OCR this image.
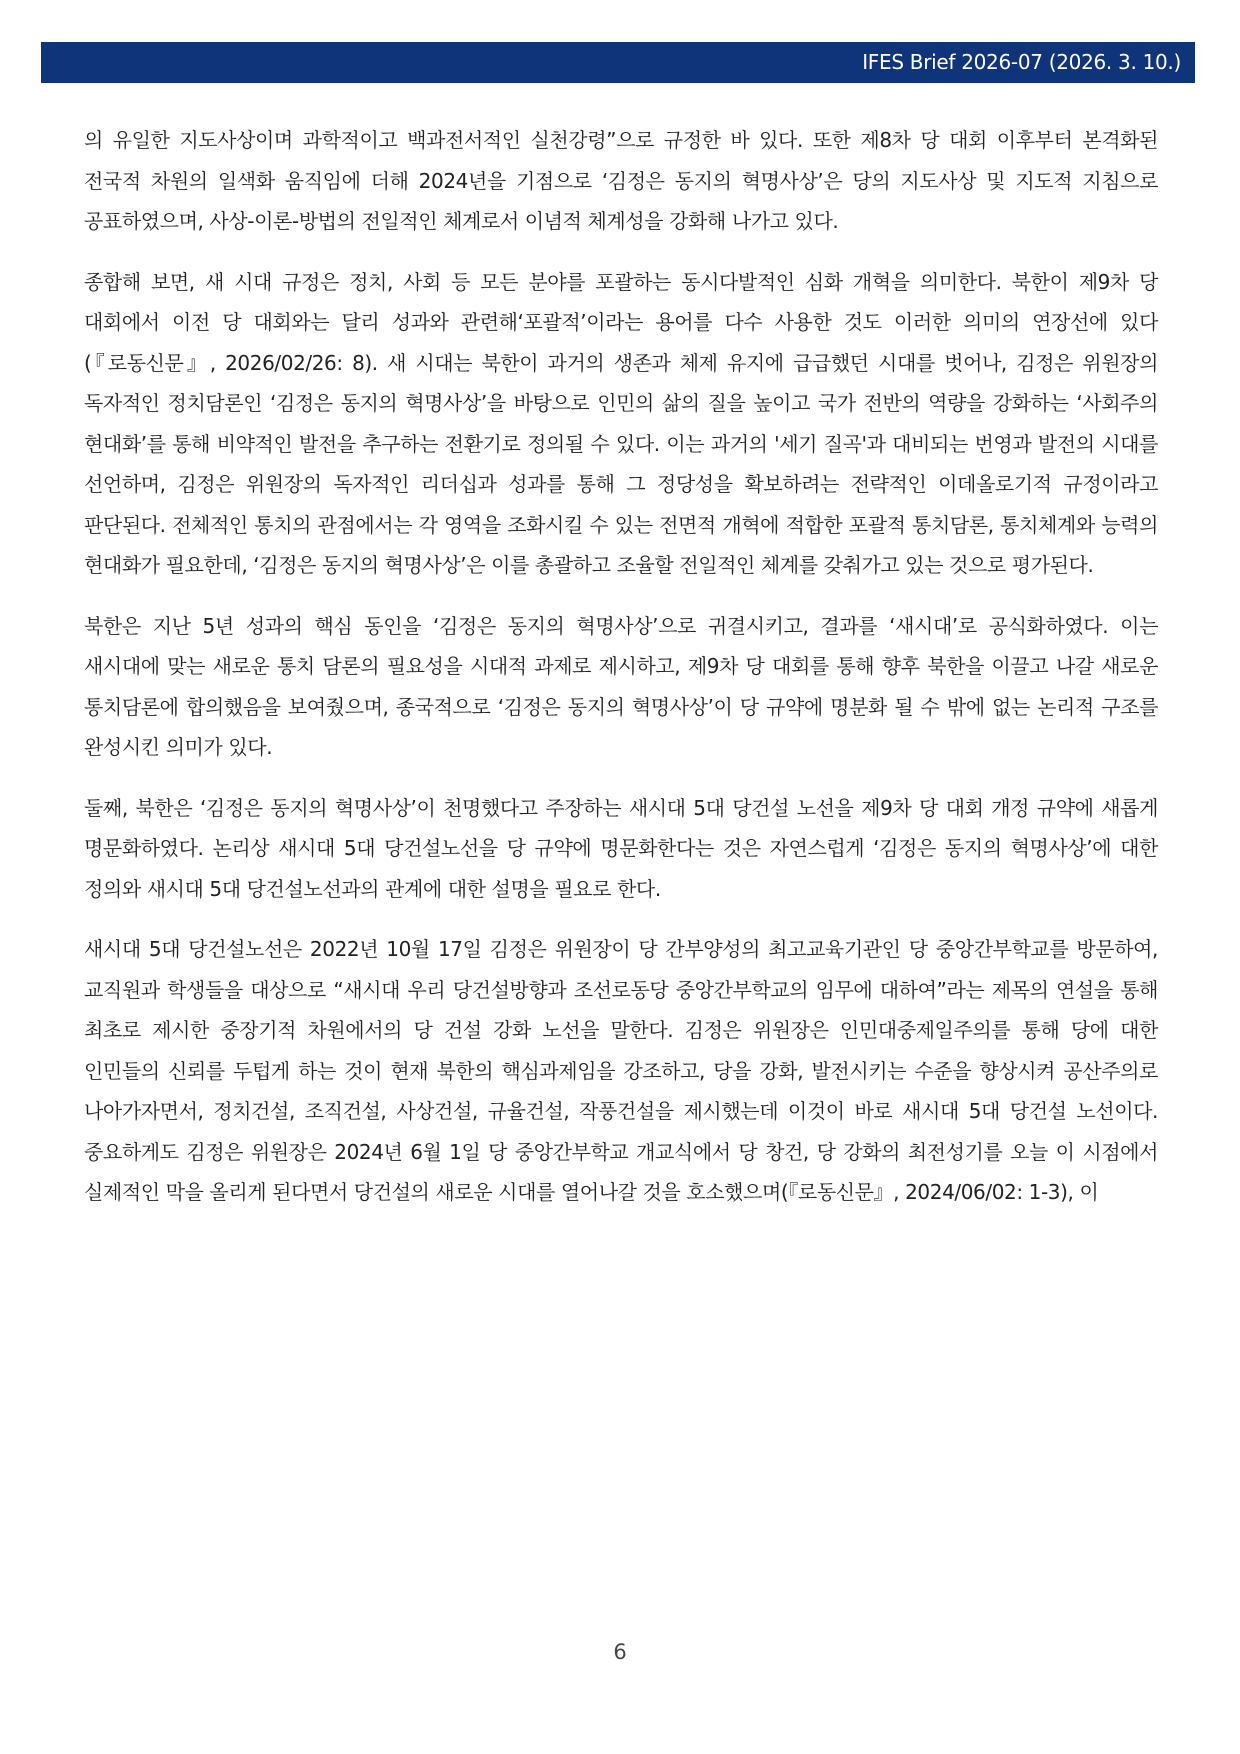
IFES Brief 2026-07 (2026. 3. 10.)

의 유일한 지도사상이며 과학적이고 백과전서적인 실천강령”으로 규정한 바 있다. 또한 제8차 당 대회 이후부터 본격화된 전국적 차원의 일색화 움직임에 더해 2024년을 기점으로 ‘김정은 동지의 혁명사상’은 당의 지도사상 및 지도적 지침으로 공표하였으며, 사상-이론-방법의 전일적인 체계로서 이념적 체계성을 강화해 나가고 있다.

종합해 보면, 새 시대 규정은 정치, 사회 등 모든 분야를 포괄하는 동시다발적인 심화 개혁을 의미한다. 북한이 제9차 당 대회에서 이전 당 대회와는 달리 성과와 관련해‘포괄적’이라는 용어를 다수 사용한 것도 이러한 의미의 연장선에 있다(『로동신문』, 2026/02/26: 8). 새 시대는 북한이 과거의 생존과 체제 유지에 급급했던 시대를 벗어나, 김정은 위원장의 독자적인 정치담론인 ‘김정은 동지의 혁명사상’을 바탕으로 인민의 삶의 질을 높이고 국가 전반의 역량을 강화하는 ‘사회주의 현대화’를 통해 비약적인 발전을 추구하는 전환기로 정의될 수 있다. 이는 과거의 '세기 질곡'과 대비되는 번영과 발전의 시대를 선언하며, 김정은 위원장의 독자적인 리더십과 성과를 통해 그 정당성을 확보하려는 전략적인 이데올로기적 규정이라고 판단된다. 전체적인 통치의 관점에서는 각 영역을 조화시킬 수 있는 전면적 개혁에 적합한 포괄적 통치담론, 통치체계와 능력의 현대화가 필요한데, ‘김정은 동지의 혁명사상’은 이를 총괄하고 조율할 전일적인 체계를 갖춰가고 있는 것으로 평가된다.

북한은 지난 5년 성과의 핵심 동인을 ‘김정은 동지의 혁명사상’으로 귀결시키고, 결과를 ‘새시대’로 공식화하였다. 이는 새시대에 맞는 새로운 통치 담론의 필요성을 시대적 과제로 제시하고, 제9차 당 대회를 통해 향후 북한을 이끌고 나갈 새로운 통치담론에 합의했음을 보여줬으며, 종국적으로 ‘김정은 동지의 혁명사상’이 당 규약에 명분화 될 수 밖에 없는 논리적 구조를 완성시킨 의미가 있다.

둘째, 북한은 ‘김정은 동지의 혁명사상’이 천명했다고 주장하는 새시대 5대 당건설 노선을 제9차 당 대회 개정 규약에 새롭게 명문화하였다. 논리상 새시대 5대 당건설노선을 당 규약에 명문화한다는 것은 자연스럽게 ‘김정은 동지의 혁명사상’에 대한 정의와 새시대 5대 당건설노선과의 관계에 대한 설명을 필요로 한다.

새시대 5대 당건설노선은 2022년 10월 17일 김정은 위원장이 당 간부양성의 최고교육기관인 당 중앙간부학교를 방문하여, 교직원과 학생들을 대상으로 “새시대 우리 당건설방향과 조선로동당 중앙간부학교의 임무에 대하여”라는 제목의 연설을 통해 최초로 제시한 중장기적 차원에서의 당 건설 강화 노선을 말한다. 김정은 위원장은 인민대중제일주의를 통해 당에 대한 인민들의 신뢰를 두텁게 하는 것이 현재 북한의 핵심과제임을 강조하고, 당을 강화, 발전시키는 수준을 향상시켜 공산주의로 나아가자면서, 정치건설, 조직건설, 사상건설, 규율건설, 작풍건설을 제시했는데 이것이 바로 새시대 5대 당건설 노선이다. 중요하게도 김정은 위원장은 2024년 6월 1일 당 중앙간부학교 개교식에서 당 창건, 당 강화의 최전성기를 오늘 이 시점에서 실제적인 막을 올리게 된다면서 당건설의 새로운 시대를 열어나갈 것을 호소했으며(『로동신문』, 2024/06/02: 1-3), 이

6
